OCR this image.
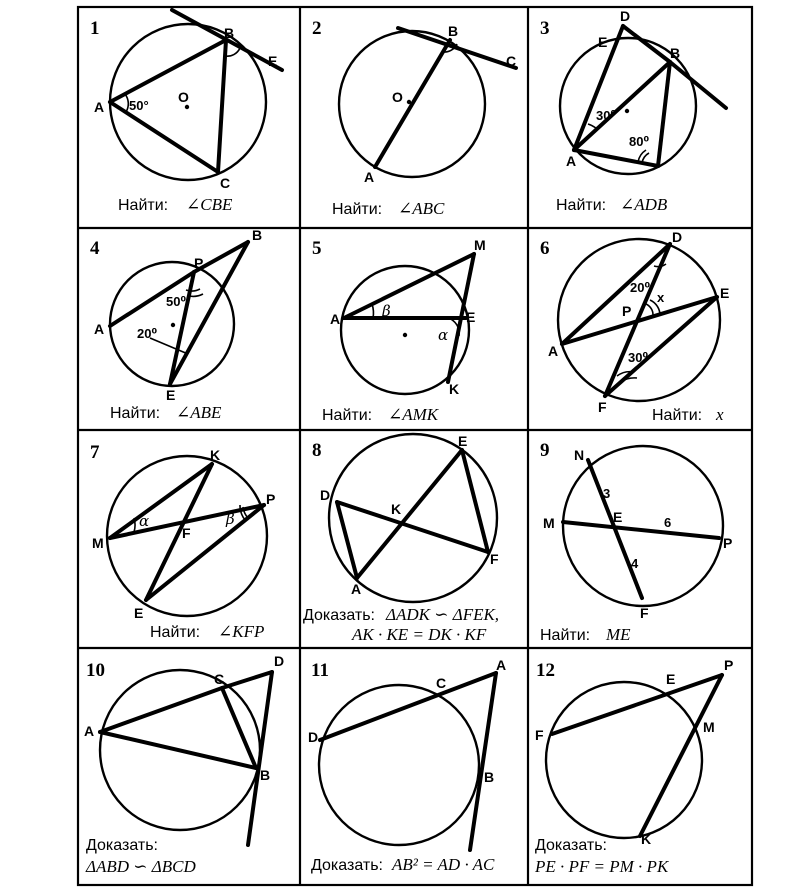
1
A
B
C
E
O
50°
Найти: ∠CBE
2	B
C
O
A
Найти: ∠ABC
3
D
E
B
A
30⁰
80⁰
Найти: ∠ADB
4
B
P
A
E
50⁰
20⁰
Найти: ∠ABE
5	M
A	E
K
β
α
Найти: ∠AMK
6
D
E
P
A
F
20⁰
x
30⁰
Найти: x
7	K
P
M
F
E
α	β
Найти: ∠KFP
8	E
D
K
A
F
Доказать: ΔADK ∽ ΔFEK,
AK · KE = DK · KF
9 N
M	E
P
F
3
6
4
Найти: ME
10	D
C
A
B
Доказать:
ΔABD ∽ ΔBCD
11	A
C
D
B
Доказать: AB² = AD · AC
12	P
E
F	M
K
Доказать:
PE · PF = PM · PK
